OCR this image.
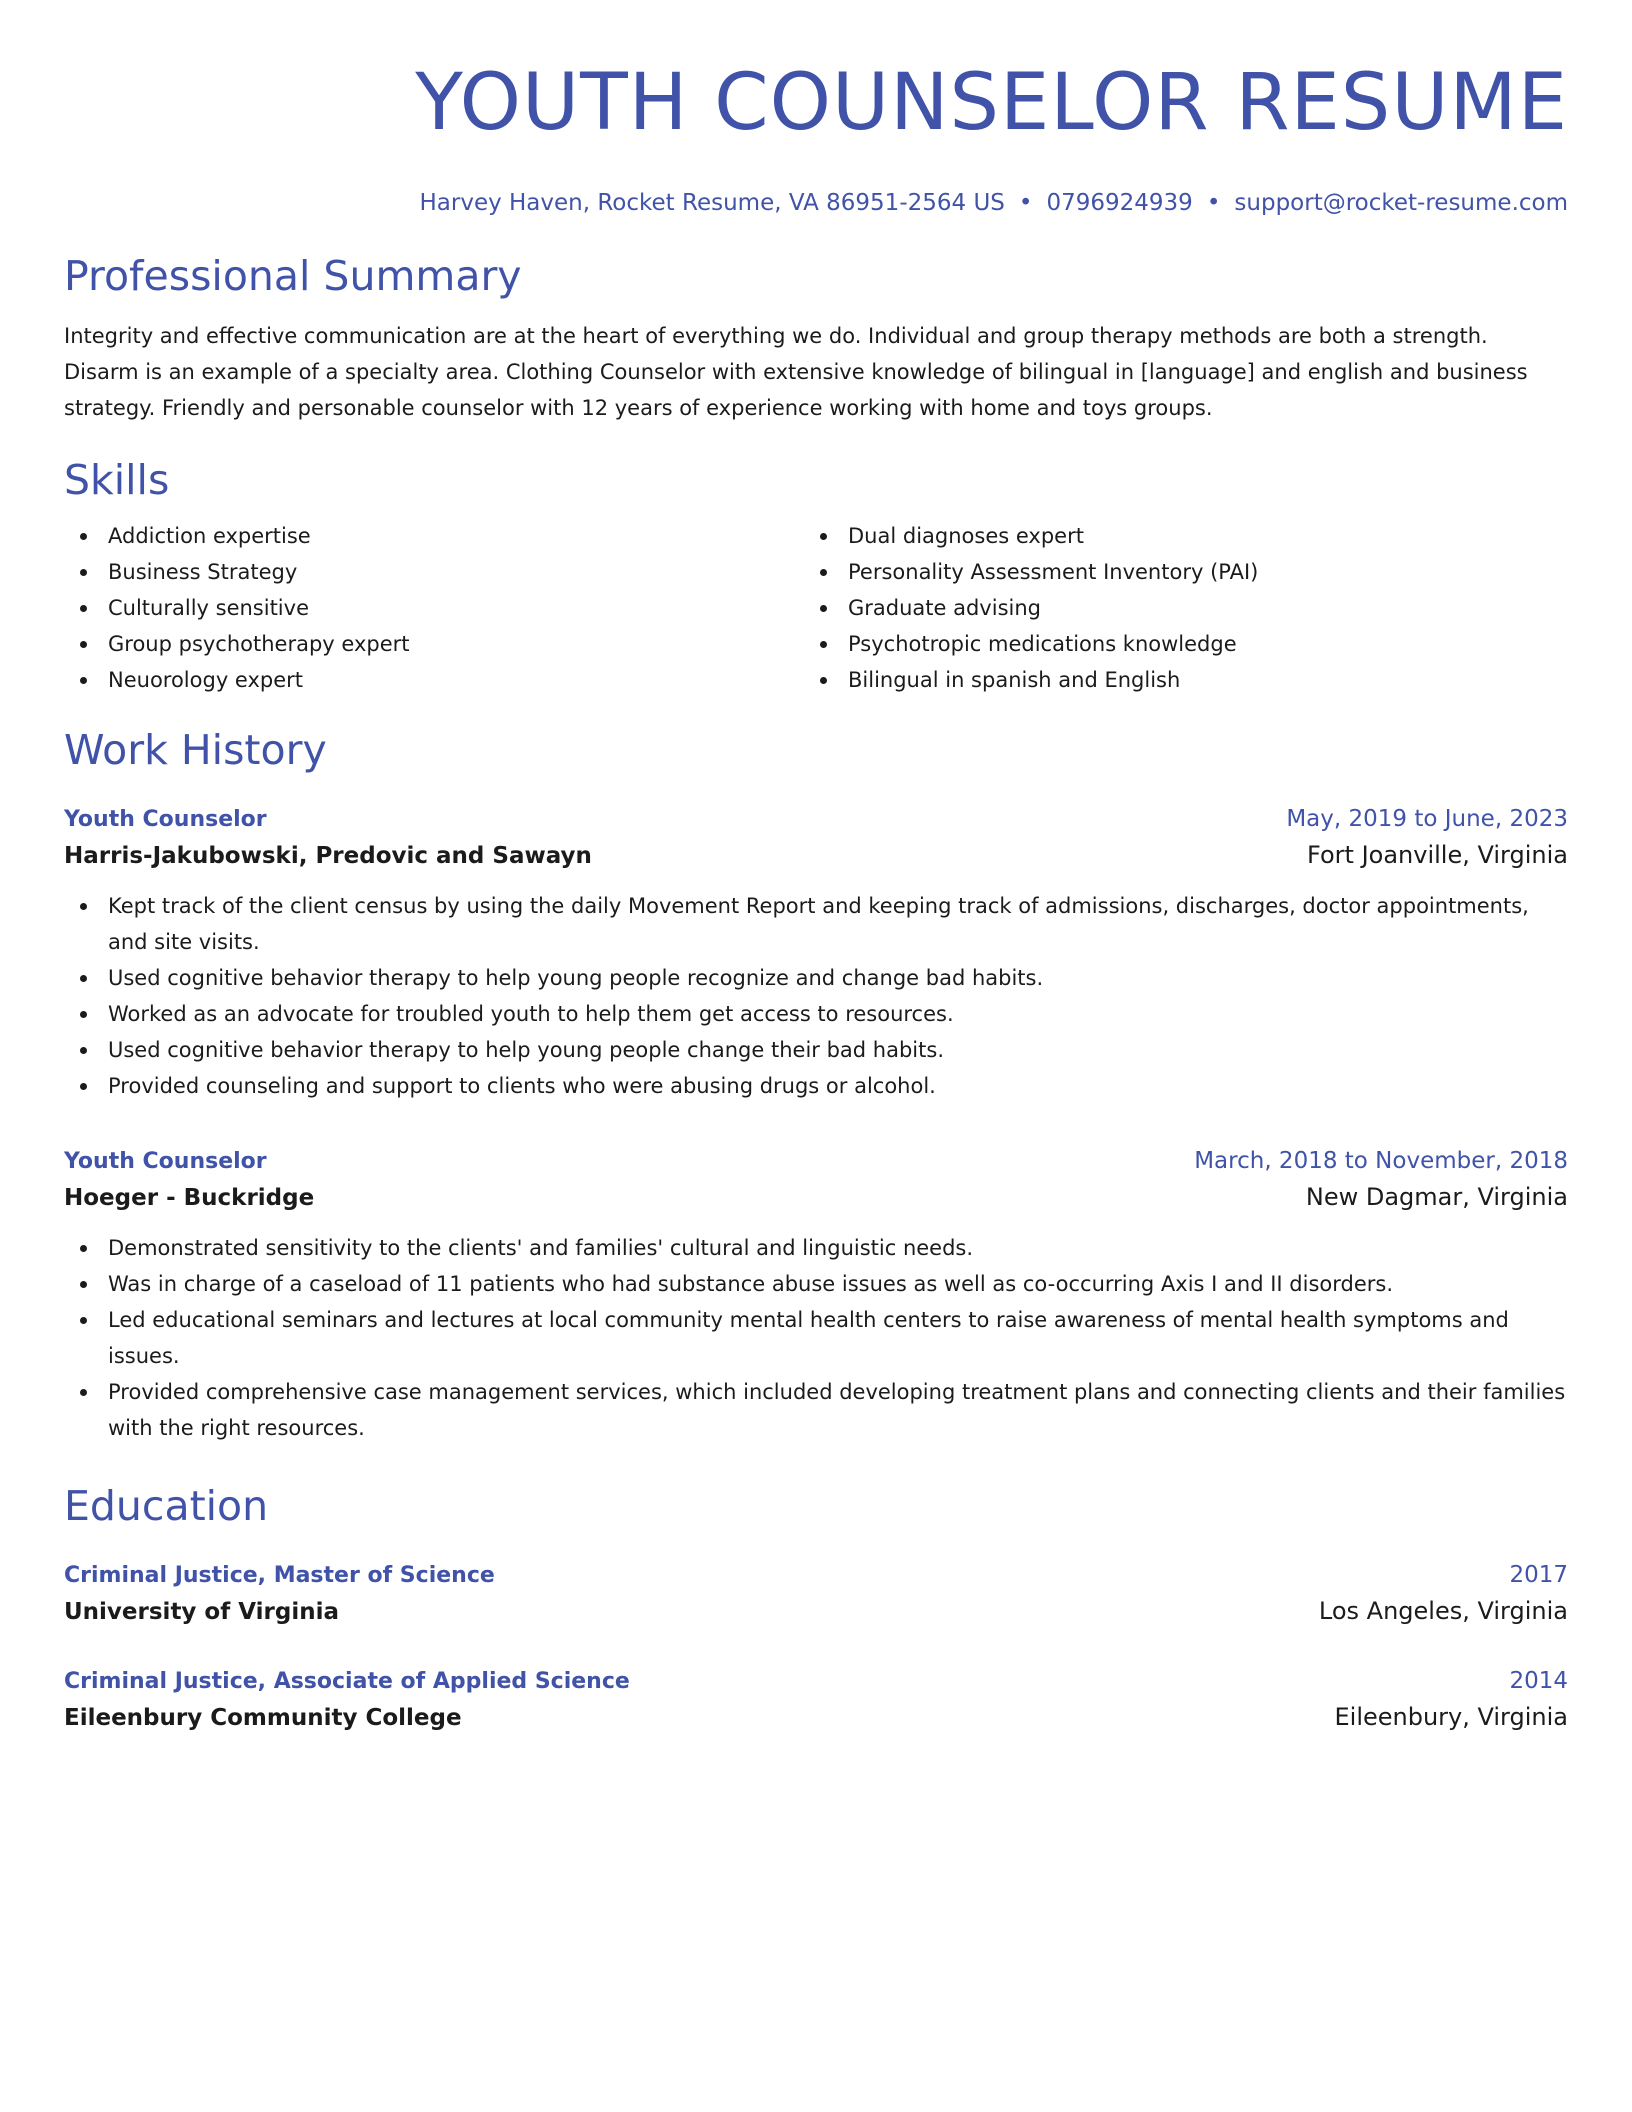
YOUTH COUNSELOR RESUME
Harvey Haven, Rocket Resume, VA 86951-2564 US • 0796924939 • support@rocket-resume.com
Professional Summary

Integrity and effective communication are at the heart of everything we do. Individual and group therapy methods are both a strength. Disarm is an example of a specialty area. Clothing Counselor with extensive knowledge of bilingual in [language] and english and business strategy. Friendly and personable counselor with 12 years of experience working with home and toys groups.

Skills
Addiction expertise
Business Strategy
Culturally sensitive
Group psychotherapy expert
Neuorology expert
Dual diagnoses expert
Personality Assessment Inventory (PAI)
Graduate advising
Psychotropic medications knowledge
Bilingual in spanish and English
Work History
Youth Counselor	May, 2019 to June, 2023
Harris-Jakubowski, Predovic and Sawayn	Fort Joanville, Virginia
Kept track of the client census by using the daily Movement Report and keeping track of admissions, discharges, doctor appointments, and site visits.
Used cognitive behavior therapy to help young people recognize and change bad habits.
Worked as an advocate for troubled youth to help them get access to resources.
Used cognitive behavior therapy to help young people change their bad habits.
Provided counseling and support to clients who were abusing drugs or alcohol.
Youth Counselor	March, 2018 to November, 2018
Hoeger - Buckridge	New Dagmar, Virginia
Demonstrated sensitivity to the clients' and families' cultural and linguistic needs.
Was in charge of a caseload of 11 patients who had substance abuse issues as well as co-occurring Axis I and II disorders.
Led educational seminars and lectures at local community mental health centers to raise awareness of mental health symptoms and issues.
Provided comprehensive case management services, which included developing treatment plans and connecting clients and their families with the right resources.
Education
Criminal Justice, Master of Science	2017
University of Virginia	Los Angeles, Virginia
Criminal Justice, Associate of Applied Science	2014
Eileenbury Community College	Eileenbury, Virginia
